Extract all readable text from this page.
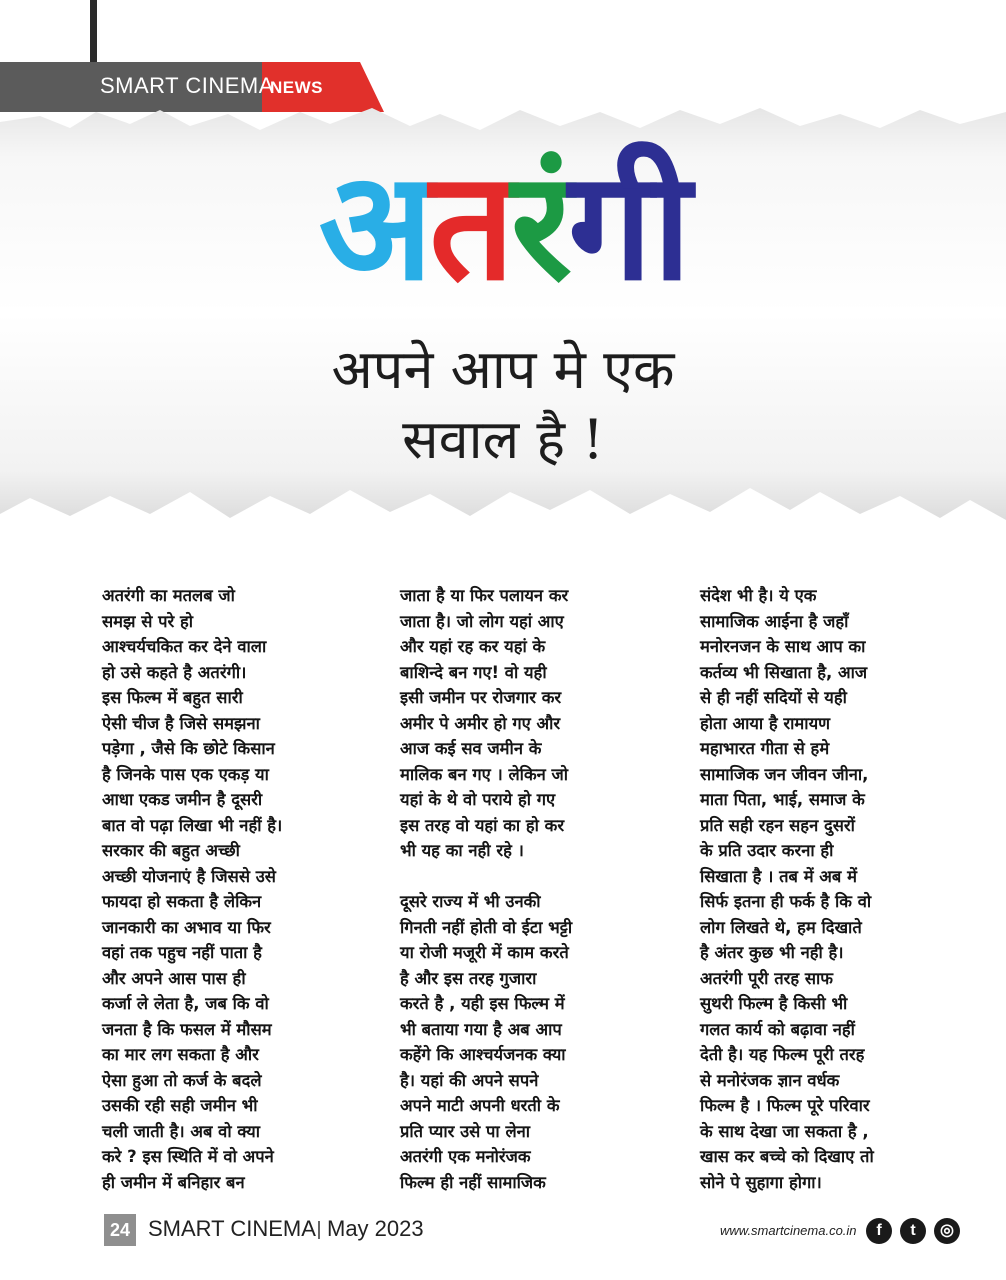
SMART CINEMA
NEWS
अतरंगी
अपने आप मे एक
सवाल है !

अतरंगी का मतलब जो

समझ से परे हो

आश्चर्यचकित कर देने वाला

हो उसे कहते है अतरंगी।

इस फिल्म में बहुत सारी

ऐसी चीज है जिसे समझना

पड़ेगा , जैसे कि छोटे किसान

है जिनके पास एक एकड़ या

आधा एकड जमीन है दूसरी

बात वो पढ़ा लिखा भी नहीं है।

सरकार की बहुत अच्छी

अच्छी योजनाएं है जिससे उसे

फायदा हो सकता है लेकिन

जानकारी का अभाव या फिर

वहां तक पहुच नहीं पाता है

और अपने आस पास ही

कर्जा ले लेता है, जब कि वो

जनता है कि फसल में मौसम

का मार लग सकता है और

ऐसा हुआ तो कर्ज के बदले

उसकी रही सही जमीन भी

चली जाती है। अब वो क्या

करे ? इस स्थिति में वो अपने

ही जमीन में बनिहार बन

जाता है या फिर पलायन कर

जाता है। जो लोग यहां आए

और यहां रह कर यहां के

बाशिन्दे बन गए! वो यही

इसी जमीन पर रोजगार कर

अमीर पे अमीर हो गए और

आज कई सव जमीन के

मालिक बन गए । लेकिन जो

यहां के थे वो पराये हो गए

इस तरह वो यहां का हो कर

भी यह का नही रहे ।

दूसरे राज्य में भी उनकी

गिनती नहीं होती वो ईटा भट्टी

या रोजी मजूरी में काम करते

है और इस तरह गुजारा

करते है , यही इस फिल्म में

भी बताया गया है अब आप

कहेंगे कि आश्चर्यजनक क्या

है। यहां की अपने सपने

अपने माटी अपनी धरती के

प्रति प्यार उसे पा लेना

अतरंगी एक मनोरंजक

फिल्म ही नहीं सामाजिक

संदेश भी है। ये एक

सामाजिक आईना है जहाँ

मनोरनजन के साथ आप का

कर्तव्य भी सिखाता है, आज

से ही नहीं सदियों से यही

होता आया है रामायण

महाभारत गीता से हमे

सामाजिक जन जीवन जीना,

माता पिता, भाई, समाज के

प्रति सही रहन सहन दुसरों

के प्रति उदार करना ही

सिखाता है । तब में अब में

सिर्फ इतना ही फर्क है कि वो

लोग लिखते थे, हम दिखाते

है अंतर कुछ भी नही है।

अतरंगी पूरी तरह साफ

सुथरी फिल्म है किसी भी

गलत कार्य को बढ़ावा नहीं

देती है। यह फिल्म पूरी तरह

से मनोरंजक ज्ञान वर्धक

फिल्म है । फिल्म पूरे परिवार

के साथ देखा जा सकता है ,

खास कर बच्चे को दिखाए तो

सोने पे सुहागा होगा।

24 SMART CINEMA May 2023	www.smartcinema.co.in	f	t	◎
